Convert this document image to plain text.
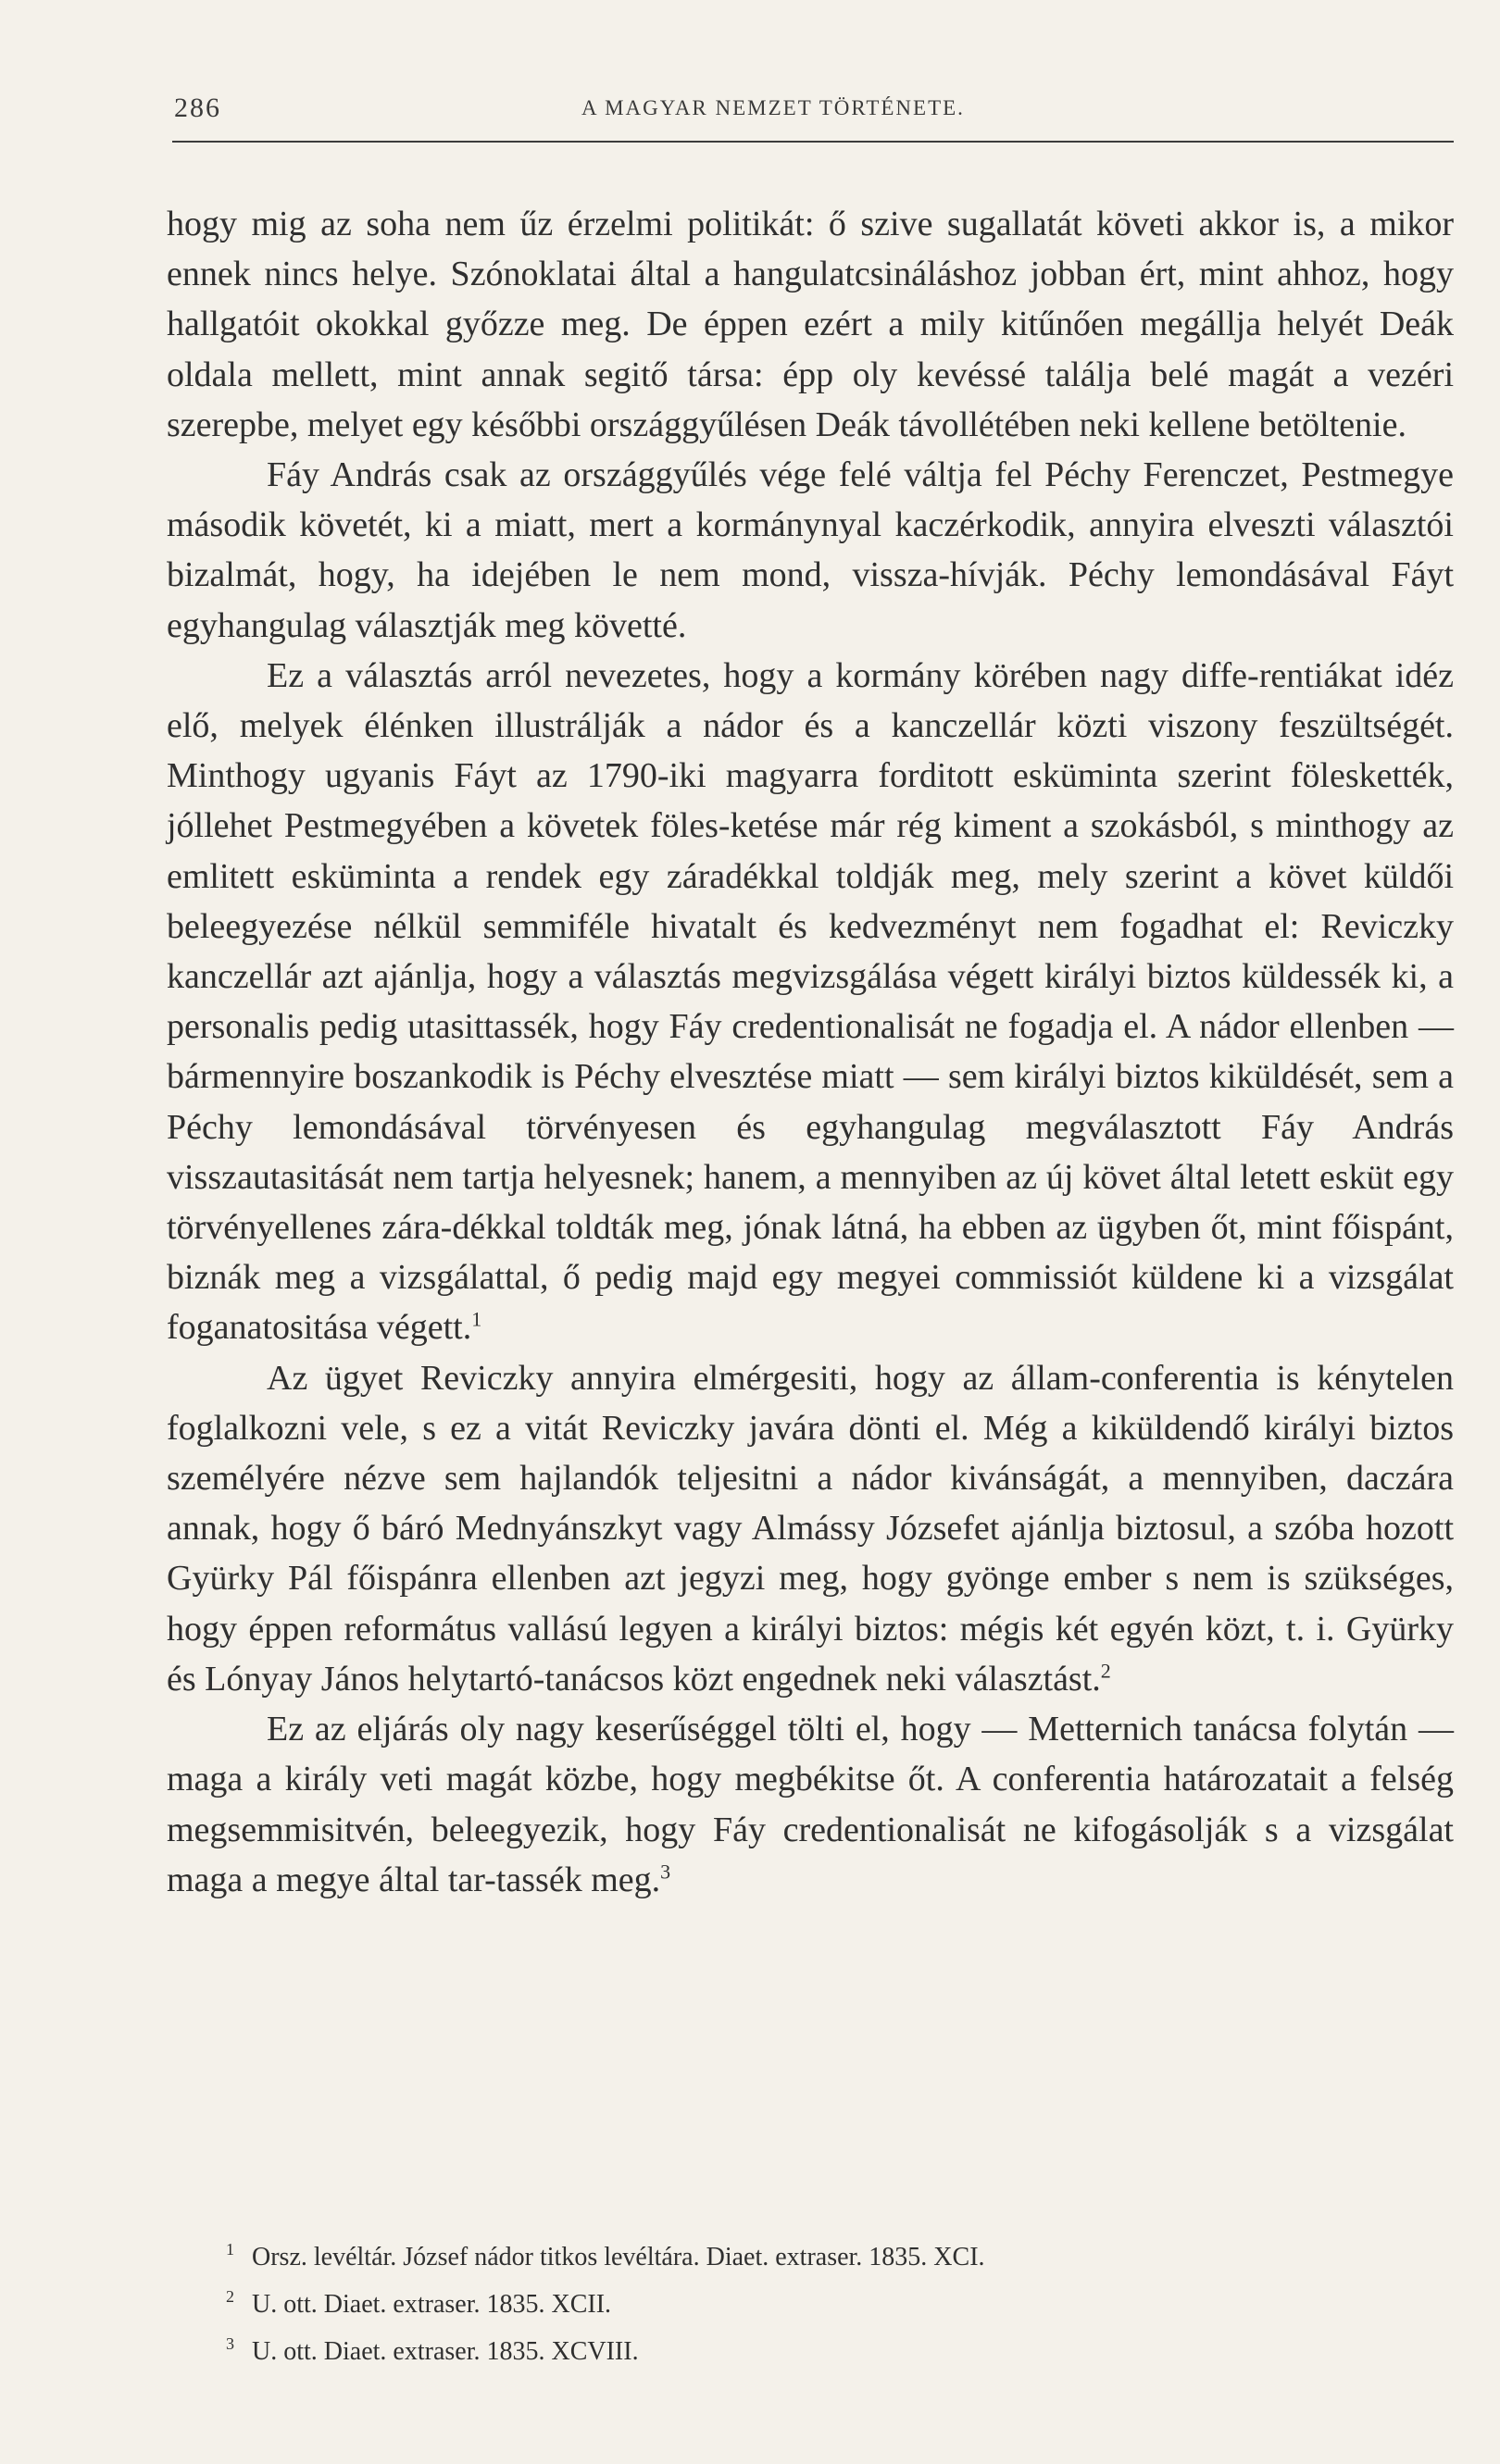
286	A MAGYAR NEMZET TÖRTÉNETE.

hogy mig az soha nem űz érzelmi politikát: ő szive sugallatát követi akkor is, a mikor ennek nincs helye. Szónoklatai által a hangulatcsináláshoz jobban ért, mint ahhoz, hogy hallgatóit okokkal győzze meg. De éppen ezért a mily kitűnően megállja helyét Deák oldala mellett, mint annak segitő társa: épp oly kevéssé találja belé magát a vezéri szerepbe, melyet egy későbbi országgyűlésen Deák távollétében neki kellene betöltenie.

Fáy András csak az országgyűlés vége felé váltja fel Péchy Ferenczet, Pestmegye második követét, ki a miatt, mert a kormánynyal kaczérkodik, annyira elveszti választói bizalmát, hogy, ha idejében le nem mond, vissza-hívják. Péchy lemondásával Fáyt egyhangulag választják meg követté.

Ez a választás arról nevezetes, hogy a kormány körében nagy diffe-rentiákat idéz elő, melyek élénken illustrálják a nádor és a kanczellár közti viszony feszültségét. Minthogy ugyanis Fáyt az 1790-iki magyarra forditott esküminta szerint föleskették, jóllehet Pestmegyében a követek föles-ketése már rég kiment a szokásból, s minthogy az emlitett esküminta a rendek egy záradékkal toldják meg, mely szerint a követ küldői beleegyezése nélkül semmiféle hivatalt és kedvezményt nem fogadhat el: Reviczky kanczellár azt ajánlja, hogy a választás megvizsgálása végett királyi biztos küldessék ki, a personalis pedig utasittassék, hogy Fáy credentionalisát ne fogadja el. A nádor ellenben — bármennyire boszankodik is Péchy elvesztése miatt — sem királyi biztos kiküldését, sem a Péchy lemondásával törvényesen és egyhangulag megválasztott Fáy András visszautasitását nem tartja helyesnek; hanem, a mennyiben az új követ által letett esküt egy törvényellenes zára-dékkal toldták meg, jónak látná, ha ebben az ügyben őt, mint főispánt, biznák meg a vizsgálattal, ő pedig majd egy megyei commissiót küldene ki a vizsgálat foganatositása végett.$^1$

Az ügyet Reviczky annyira elmérgesiti, hogy az állam-conferentia is kénytelen foglalkozni vele, s ez a vitát Reviczky javára dönti el. Még a kiküldendő királyi biztos személyére nézve sem hajlandók teljesitni a nádor kivánságát, a mennyiben, daczára annak, hogy ő báró Mednyánszkyt vagy Almássy Józsefet ajánlja biztosul, a szóba hozott Gyürky Pál főispánra ellenben azt jegyzi meg, hogy gyönge ember s nem is szükséges, hogy éppen református vallású legyen a királyi biztos: mégis két egyén közt, t. i. Gyürky és Lónyay János helytartó-tanácsos közt engednek neki választást.$^2$

Ez az eljárás oly nagy keserűséggel tölti el, hogy — Metternich tanácsa folytán — maga a király veti magát közbe, hogy megbékitse őt. A conferentia határozatait a felség megsemmisitvén, beleegyezik, hogy Fáy credentionalisát ne kifogásolják s a vizsgálat maga a megye által tar-tassék meg.$^3$

1 Orsz. levéltár. József nádor titkos levéltára. Diaet. extraser. 1835. XCI.
2 U. ott. Diaet. extraser. 1835. XCII.
3 U. ott. Diaet. extraser. 1835. XCVIII.
